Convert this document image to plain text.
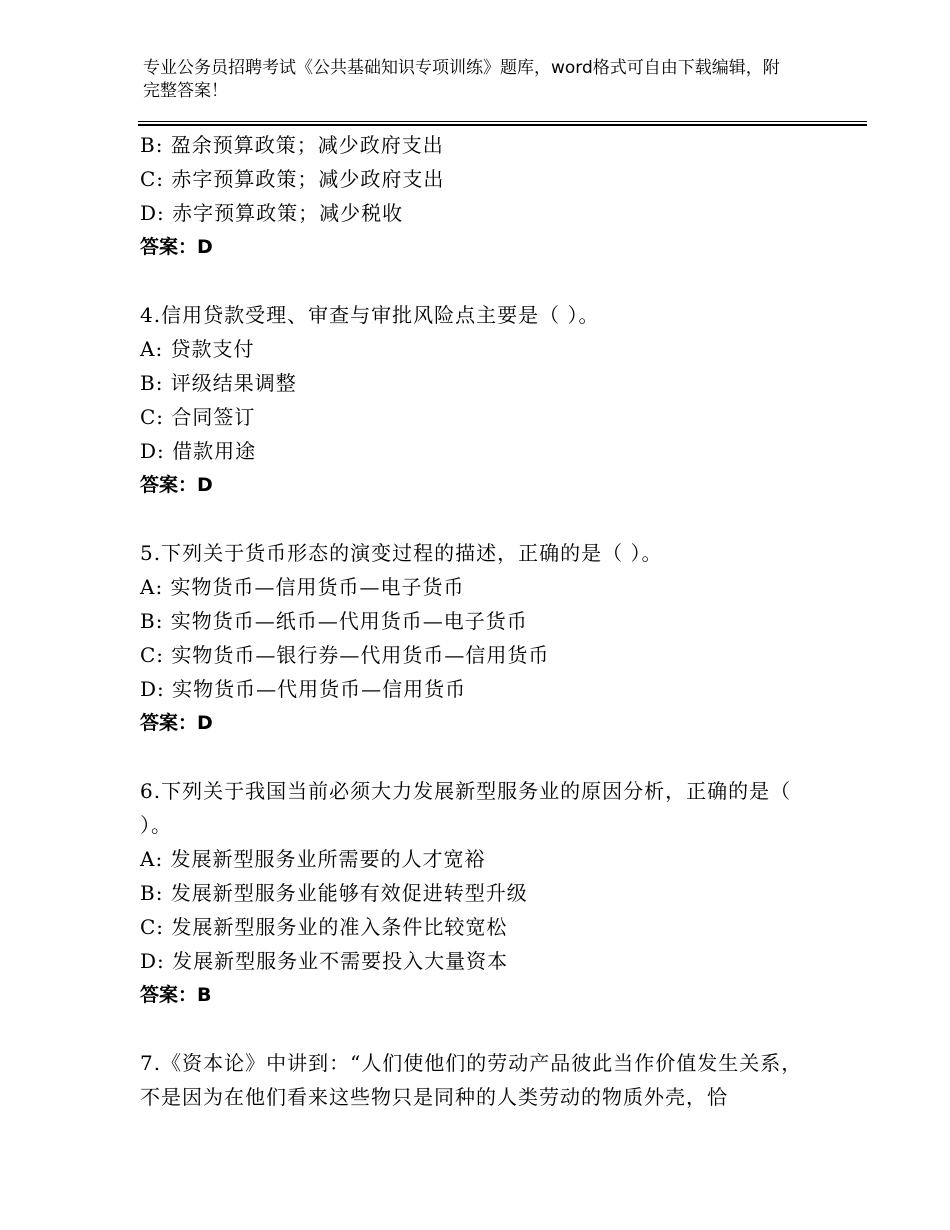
专业公务员招聘考试《公共基础知识专项训练》题库，word格式可自由下载编辑，附完整答案！
B: 盈余预算政策；减少政府支出
C: 赤字预算政策；减少政府支出
D: 赤字预算政策；减少税收
答案：D
4.信用贷款受理、审查与审批风险点主要是（ ）。
A: 贷款支付
B: 评级结果调整
C: 合同签订
D: 借款用途
答案：D
5.下列关于货币形态的演变过程的描述，正确的是（ ）。
A: 实物货币—信用货币—电子货币
B: 实物货币—纸币—代用货币—电子货币
C: 实物货币—银行券—代用货币—信用货币
D: 实物货币—代用货币—信用货币
答案：D
6.下列关于我国当前必须大力发展新型服务业的原因分析，正确的是（ ）。
A: 发展新型服务业所需要的人才宽裕
B: 发展新型服务业能够有效促进转型升级
C: 发展新型服务业的准入条件比较宽松
D: 发展新型服务业不需要投入大量资本
答案：B
7.《资本论》中讲到：“人们使他们的劳动产品彼此当作价值发生关系，不是因为在他们看来这些物只是同种的人类劳动的物质外壳，恰
